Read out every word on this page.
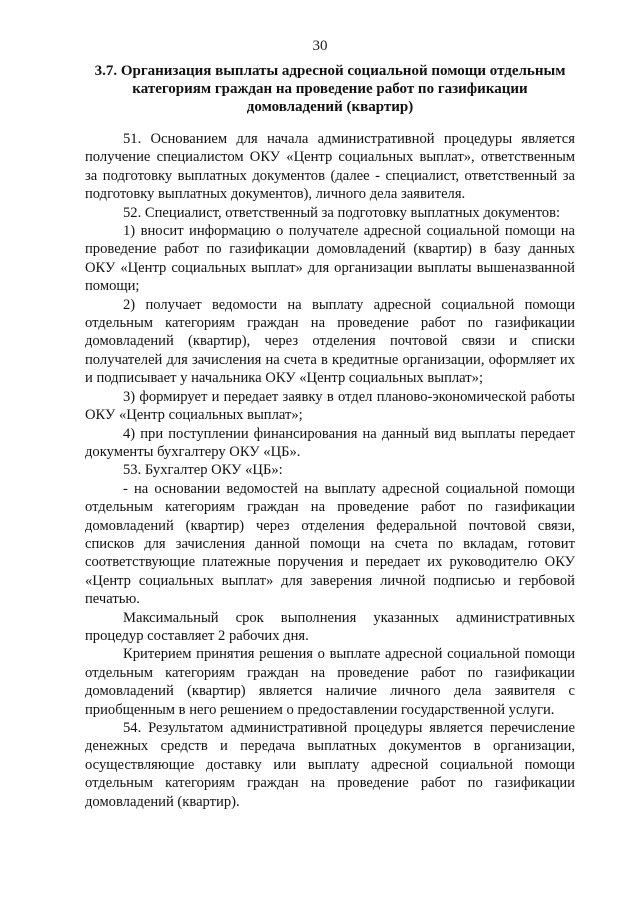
30
3.7. Организация выплаты адресной социальной помощи отдельным категориям граждан на проведение работ по газификации домовладений (квартир)

51. Основанием для начала административной процедуры является получение специалистом ОКУ «Центр социальных выплат», ответственным за подготовку выплатных документов (далее - специалист, ответственный за подготовку выплатных документов), личного дела заявителя.

52. Специалист, ответственный за подготовку выплатных документов:

1) вносит информацию о получателе адресной социальной помощи на проведение работ по газификации домовладений (квартир) в базу данных ОКУ «Центр социальных выплат» для организации выплаты вышеназванной помощи;

2) получает ведомости на выплату адресной социальной помощи отдельным категориям граждан на проведение работ по газификации домовладений (квартир), через отделения почтовой связи и списки получателей для зачисления на счета в кредитные организации, оформляет их и подписывает у начальника ОКУ «Центр социальных выплат»;

3) формирует и передает заявку в отдел планово-экономической работы ОКУ «Центр социальных выплат»;

4) при поступлении финансирования на данный вид выплаты передает документы бухгалтеру ОКУ «ЦБ».

53. Бухгалтер ОКУ «ЦБ»:

- на основании ведомостей на выплату адресной социальной помощи отдельным категориям граждан на проведение работ по газификации домовладений (квартир) через отделения федеральной почтовой связи, списков для зачисления данной помощи на счета по вкладам, готовит соответствующие платежные поручения и передает их руководителю ОКУ «Центр социальных выплат» для заверения личной подписью и гербовой печатью.

Максимальный срок выполнения указанных административных процедур составляет 2 рабочих дня.

Критерием принятия решения о выплате адресной социальной помощи отдельным категориям граждан на проведение работ по газификации домовладений (квартир) является наличие личного дела заявителя с приобщенным в него решением о предоставлении государственной услуги.

54. Результатом административной процедуры является перечисление денежных средств и передача выплатных документов в организации, осуществляющие доставку или выплату адресной социальной помощи отдельным категориям граждан на проведение работ по газификации домовладений (квартир).
